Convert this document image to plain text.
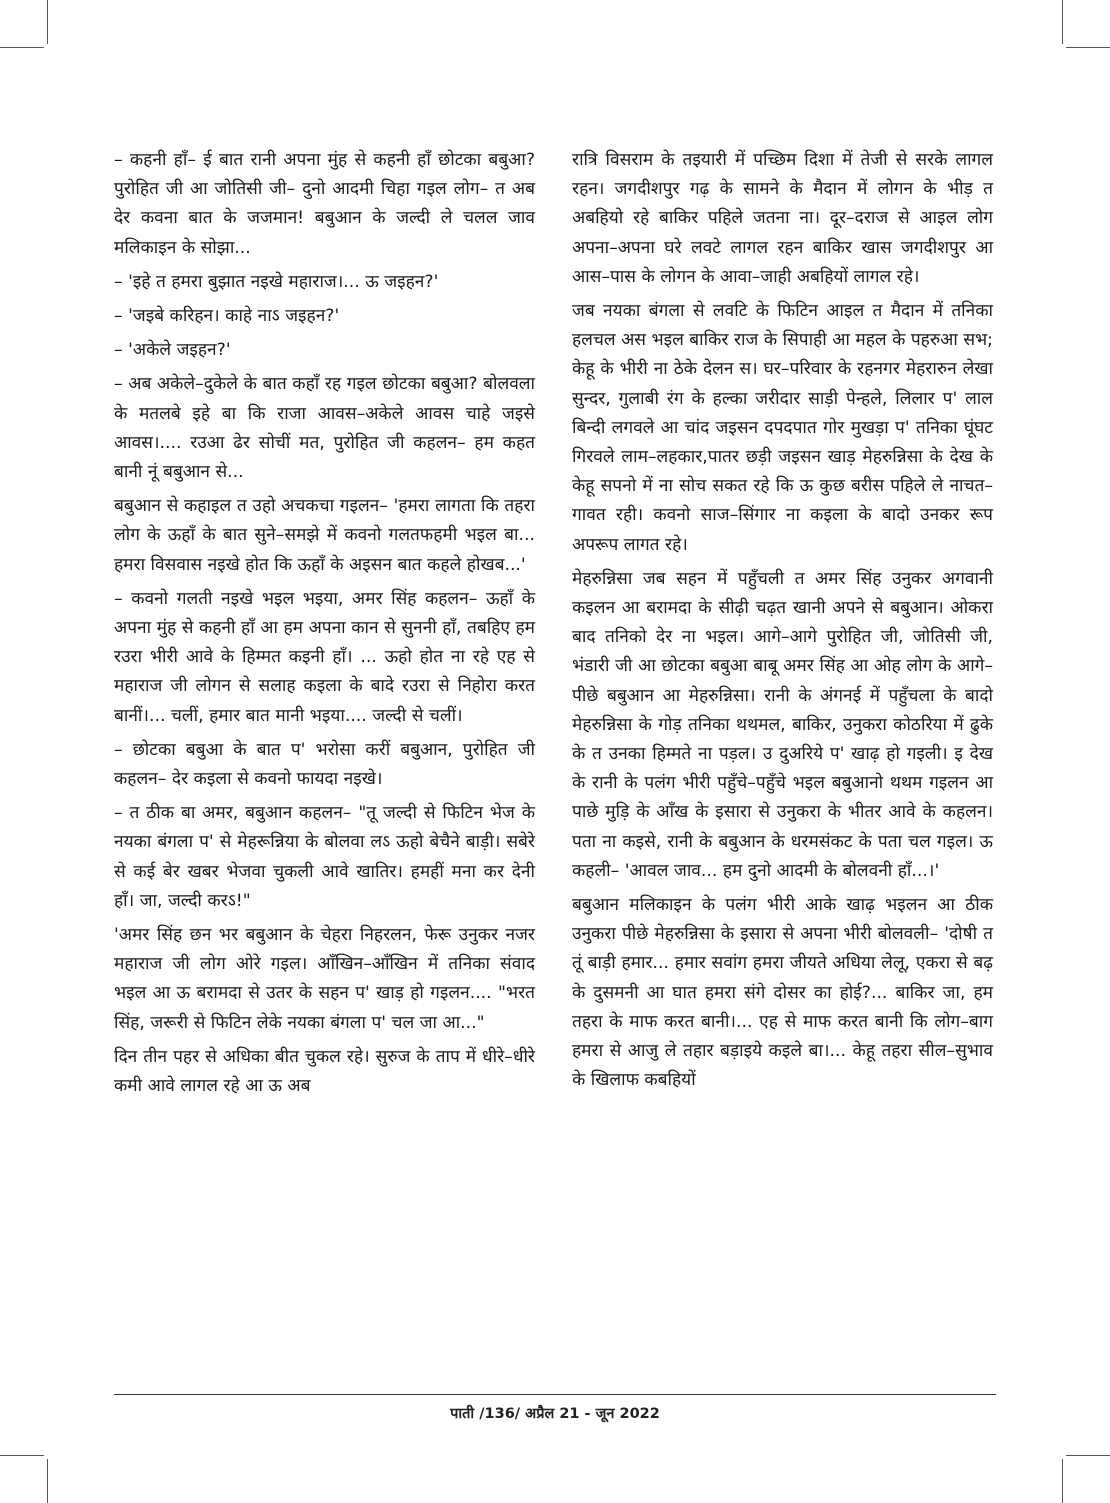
– कहनी हाँ– ई बात रानी अपना मुंह से कहनी हाँ छोटका बबुआ? पुरोहित जी आ जोतिसी जी– दुनो आदमी चिहा गइल लोग– त अब देर कवना बात के जजमान! बबुआन के जल्दी ले चलल जाव मलिकाइन के सोझा...

– 'इहे त हमरा बुझात नइखे महाराज।... ऊ जइहन?'

– 'जइबे करिहन। काहे नाऽ जइहन?'

– 'अकेले जइहन?'

– अब अकेले–दुकेले के बात कहाँ रह गइल छोटका बबुआ? बोलवला के मतलबे इहे बा कि राजा आवस–अकेले आवस चाहे जइसे आवस।.... रउआ ढेर सोचीं मत, पुरोहित जी कहलन– हम कहत बानी नूं बबुआन से...

बबुआन से कहाइल त उहो अचकचा गइलन– 'हमरा लागता कि तहरा लोग के ऊहाँ के बात सुने–समझे में कवनो गलतफहमी भइल बा... हमरा विसवास नइखे होत कि ऊहाँ के अइसन बात कहले होखब...'

– कवनो गलती नइखे भइल भइया, अमर सिंह कहलन– ऊहाँ के अपना मुंह से कहनी हाँ आ हम अपना कान से सुननी हाँ, तबहिए हम रउरा भीरी आवे के हिम्मत कइनी हाँ। ... ऊहो होत ना रहे एह से महाराज जी लोगन से सलाह कइला के बादे रउरा से निहोरा करत बानीं।... चलीं, हमार बात मानी भइया.... जल्दी से चलीं।

– छोटका बबुआ के बात प' भरोसा करीं बबुआन, पुरोहित जी कहलन– देर कइला से कवनो फायदा नइखे।

– त ठीक बा अमर, बबुआन कहलन– "तू जल्दी से फिटिन भेज के नयका बंगला प' से मेहरून्निया के बोलवा लऽ ऊहो बेचैने बाड़ी। सबेरे से कई बेर खबर भेजवा चुकली आवे खातिर। हमहीं मना कर देनी हाँ। जा, जल्दी करऽ!"

'अमर सिंह छन भर बबुआन के चेहरा निहरलन, फेरू उनुकर नजर महाराज जी लोग ओरे गइल। आँखिन–आँखिन में तनिका संवाद भइल आ ऊ बरामदा से उतर के सहन प' खाड़ हो गइलन.... "भरत सिंह, जरूरी से फिटिन लेके नयका बंगला प' चल जा आ..."

दिन तीन पहर से अधिका बीत चुकल रहे। सुरुज के ताप में धीरे–धीरे कमी आवे लागल रहे आ ऊ अब

रात्रि विसराम के तइयारी में पच्छिम दिशा में तेजी से सरके लागल रहन। जगदीशपुर गढ़ के सामने के मैदान में लोगन के भीड़ त अबहियो रहे बाकिर पहिले जतना ना। दूर–दराज से आइल लोग अपना–अपना घरे लवटे लागल रहन बाकिर खास जगदीशपुर आ आस–पास के लोगन के आवा–जाही अबहियों लागल रहे।

जब नयका बंगला से लवटि के फिटिन आइल त मैदान में तनिका हलचल अस भइल बाकिर राज के सिपाही आ महल के पहरुआ सभ; केहू के भीरी ना ठेके देलन स। घर–परिवार के रहनगर मेहरारुन लेखा सुन्दर, गुलाबी रंग के हल्का जरीदार साड़ी पेन्हले, लिलार प' लाल बिन्दी लगवले आ चांद जइसन दपदपात गोर मुखड़ा प' तनिका घूंघट गिरवले लाम–लहकार,पातर छड़ी जइसन खाड़ मेहरुन्निसा के देख के केहू सपनो में ना सोच सकत रहे कि ऊ कुछ बरीस पहिले ले नाचत–गावत रही। कवनो साज–सिंगार ना कइला के बादो उनकर रूप अपरूप लागत रहे।

मेहरुन्निसा जब सहन में पहुँचली त अमर सिंह उनुकर अगवानी कइलन आ बरामदा के सीढ़ी चढ़त खानी अपने से बबुआन। ओकरा बाद तनिको देर ना भइल। आगे–आगे पुरोहित जी, जोतिसी जी, भंडारी जी आ छोटका बबुआ बाबू अमर सिंह आ ओह लोग के आगे–पीछे बबुआन आ मेहरुन्निसा। रानी के अंगनई में पहुँचला के बादो मेहरुन्निसा के गोड़ तनिका थथमल, बाकिर, उनुकरा कोठरिया में ढुके के त उनका हिम्मते ना पड़ल। उ दुअरिये प' खाढ़ हो गइली। इ देख के रानी के पलंग भीरी पहुँचे–पहुँचे भइल बबुआनो थथम गइलन आ पाछे मुड़ि के आँख के इसारा से उनुकरा के भीतर आवे के कहलन। पता ना कइसे, रानी के बबुआन के धरमसंकट के पता चल गइल। ऊ कहली– 'आवल जाव... हम दुनो आदमी के बोलवनी हाँ...।'

बबुआन मलिकाइन के पलंग भीरी आके खाढ़ भइलन आ ठीक उनुकरा पीछे मेहरुन्निसा के इसारा से अपना भीरी बोलवली– 'दोषी त तूं बाड़ी हमार... हमार सवांग हमरा जीयते अधिया लेलू, एकरा से बढ़ के दुसमनी आ घात हमरा संगे दोसर का होई?... बाकिर जा, हम तहरा के माफ करत बानी।... एह से माफ करत बानी कि लोग–बाग हमरा से आजु ले तहार बड़ाइये कइले बा।... केहू तहरा सील–सुभाव के खिलाफ कबहियों

पाती /136/ अप्रैल 21 - जून 2022
